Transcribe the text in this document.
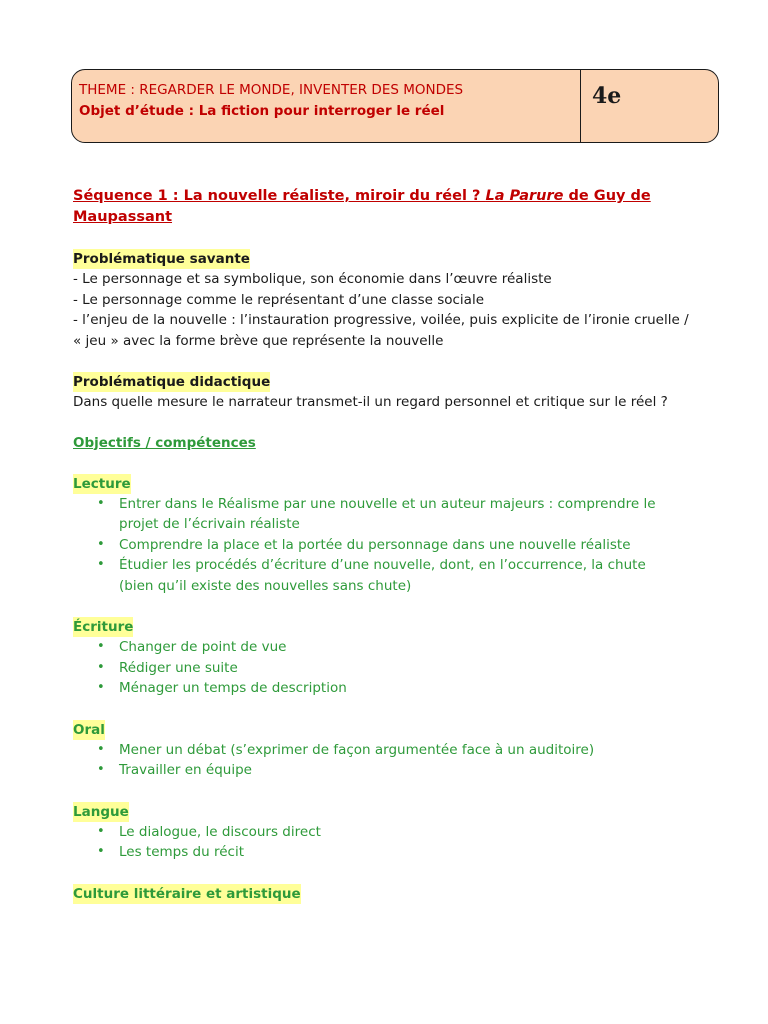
THEME : REGARDER LE MONDE, INVENTER DES MONDES
Objet d’étude : La fiction pour interroger le réel
4e
Séquence 1 : La nouvelle réaliste, miroir du réel ? La Parure de Guy de
Maupassant
Problématique savante
- Le personnage et sa symbolique, son économie dans l’œuvre réaliste
- Le personnage comme le représentant d’une classe sociale
- l’enjeu de la nouvelle : l’instauration progressive, voilée, puis explicite de l’ironie cruelle / « jeu » avec la forme brève que représente la nouvelle
Problématique didactique
Dans quelle mesure le narrateur transmet-il un regard personnel et critique sur le réel ?
Objectifs / compétences
Lecture
• Entrer dans le Réalisme par une nouvelle et un auteur majeurs : comprendre le projet de l’écrivain réaliste
• Comprendre la place et la portée du personnage dans une nouvelle réaliste
• Étudier les procédés d’écriture d’une nouvelle, dont, en l’occurrence, la chute (bien qu’il existe des nouvelles sans chute)
Écriture
• Changer de point de vue
• Rédiger une suite
• Ménager un temps de description
Oral
• Mener un débat (s’exprimer de façon argumentée face à un auditoire)
• Travailler en équipe
Langue
• Le dialogue, le discours direct
• Les temps du récit
Culture littéraire et artistique
